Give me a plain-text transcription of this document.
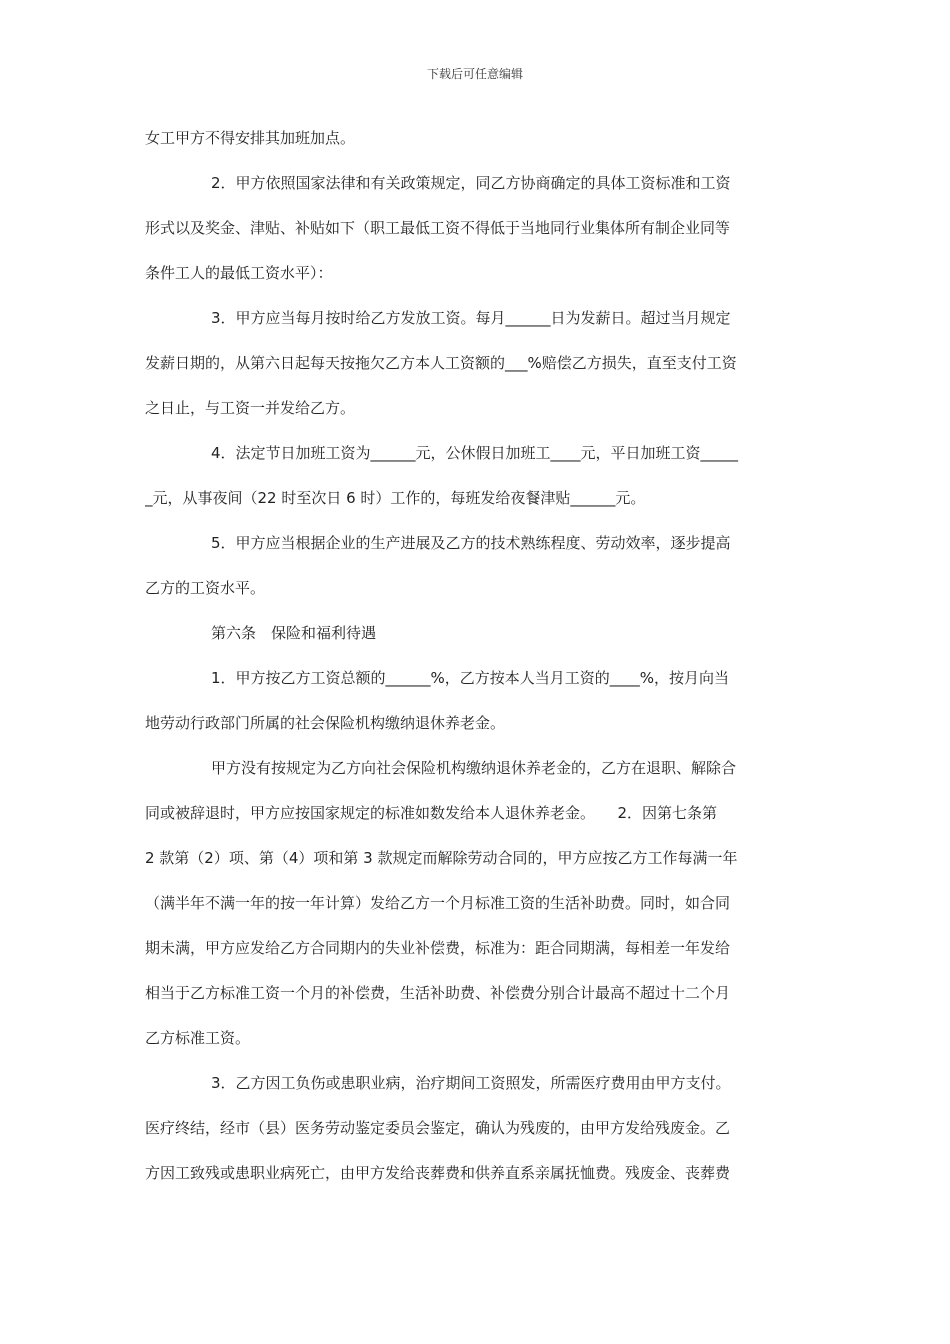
下载后可任意编辑
女工甲方不得安排其加班加点。
2．甲方依照国家法律和有关政策规定，同乙方协商确定的具体工资标准和工资
形式以及奖金、津贴、补贴如下（职工最低工资不得低于当地同行业集体所有制企业同等
条件工人的最低工资水平）：
3．甲方应当每月按时给乙方发放工资。每月______日为发薪日。超过当月规定
发薪日期的，从第六日起每天按拖欠乙方本人工资额的___%赔偿乙方损失，直至支付工资
之日止，与工资一并发给乙方。
4．法定节日加班工资为______元，公休假日加班工____元，平日加班工资_____
_元，从事夜间（22 时至次日 6 时）工作的，每班发给夜餐津贴______元。
5．甲方应当根据企业的生产进展及乙方的技术熟练程度、劳动效率，逐步提高
乙方的工资水平。
第六条　保险和福利待遇
1．甲方按乙方工资总额的______%，乙方按本人当月工资的____%，按月向当
地劳动行政部门所属的社会保险机构缴纳退休养老金。
甲方没有按规定为乙方向社会保险机构缴纳退休养老金的，乙方在退职、解除合
同或被辞退时，甲方应按国家规定的标准如数发给本人退休养老金。　　2．因第七条第
2 款第（2）项、第（4）项和第 3 款规定而解除劳动合同的，甲方应按乙方工作每满一年
（满半年不满一年的按一年计算）发给乙方一个月标准工资的生活补助费。同时，如合同
期未满，甲方应发给乙方合同期内的失业补偿费，标准为：距合同期满，每相差一年发给
相当于乙方标准工资一个月的补偿费，生活补助费、补偿费分别合计最高不超过十二个月
乙方标准工资。
3．乙方因工负伤或患职业病，治疗期间工资照发，所需医疗费用由甲方支付。
医疗终结，经市（县）医务劳动鉴定委员会鉴定，确认为残废的，由甲方发给残废金。乙
方因工致残或患职业病死亡，由甲方发给丧葬费和供养直系亲属抚恤费。残废金、丧葬费
